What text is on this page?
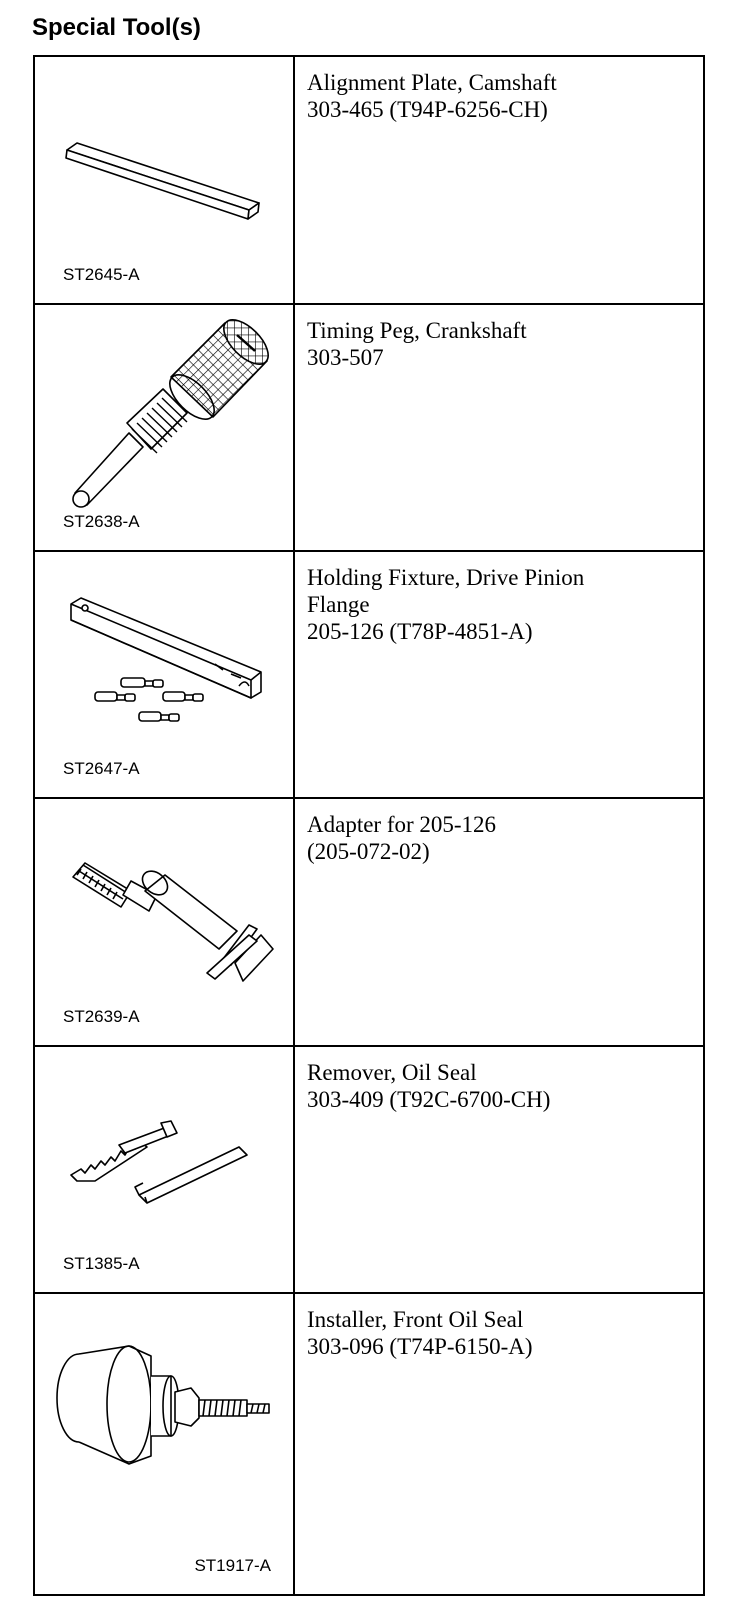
Special Tool(s)
ST2645-A
Alignment Plate, Camshaft
303-465 (T94P-6256-CH)
ST2638-A
Timing Peg, Crankshaft
303-507
ST2647-A
Holding Fixture, Drive Pinion
Flange
205-126 (T78P-4851-A)
ST2639-A
Adapter for 205-126
(205-072-02)
ST1385-A
Remover, Oil Seal
303-409 (T92C-6700-CH)
ST1917-A
Installer, Front Oil Seal
303-096 (T74P-6150-A)
